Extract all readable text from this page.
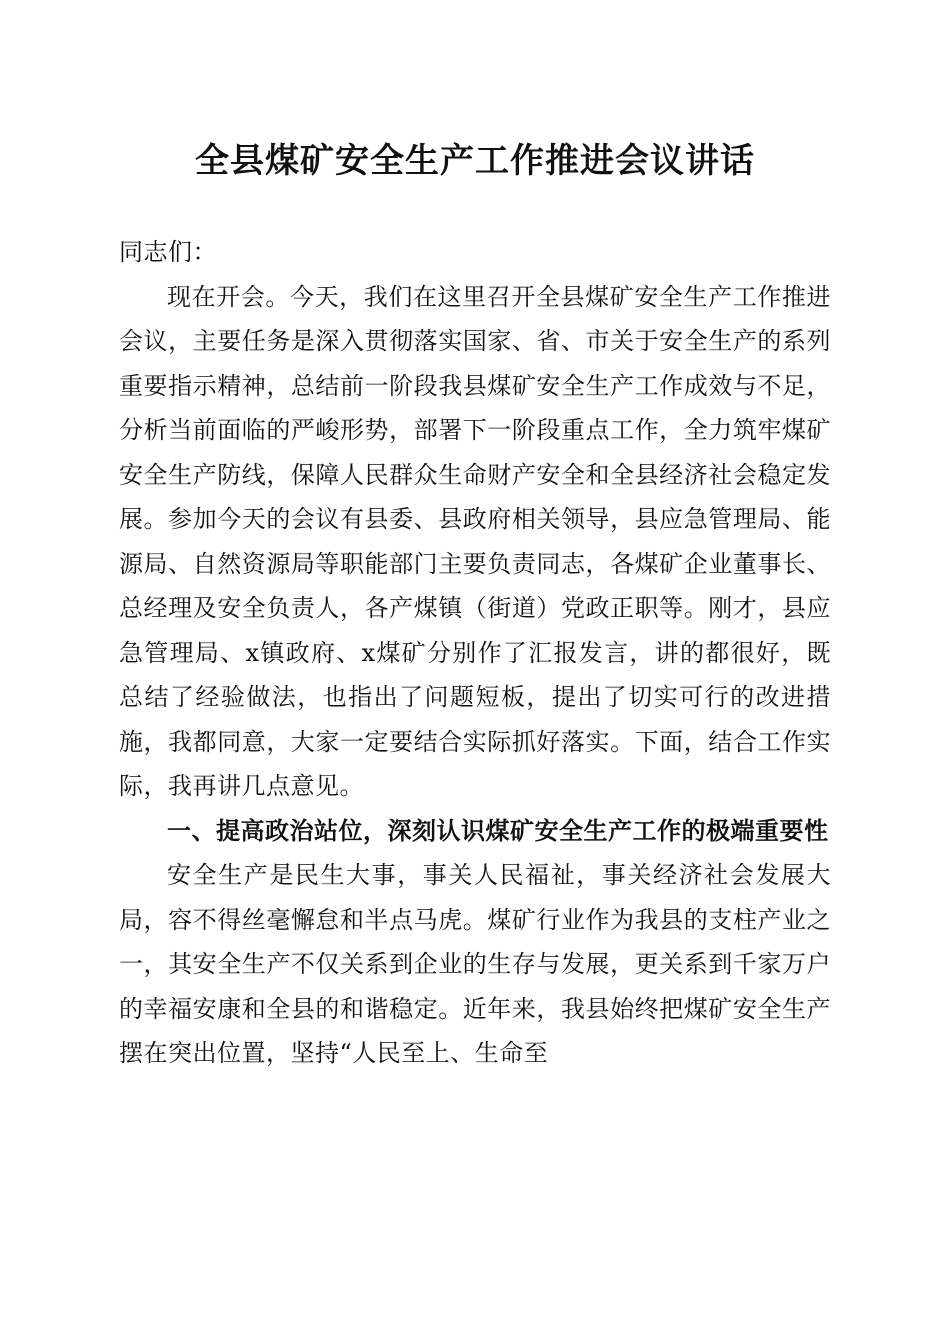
全县煤矿安全生产工作推进会议讲话

同志们：

现在开会。今天，我们在这里召开全县煤矿安全生产工作推进会议，主要任务是深入贯彻落实国家、省、市关于安全生产的系列重要指示精神，总结前一阶段我县煤矿安全生产工作成效与不足，分析当前面临的严峻形势，部署下一阶段重点工作，全力筑牢煤矿安全生产防线，保障人民群众生命财产安全和全县经济社会稳定发展。参加今天的会议有县委、县政府相关领导，县应急管理局、能源局、自然资源局等职能部门主要负责同志，各煤矿企业董事长、总经理及安全负责人，各产煤镇（街道）党政正职等。刚才，县应急管理局、x镇政府、x煤矿分别作了汇报发言，讲的都很好，既总结了经验做法，也指出了问题短板，提出了切实可行的改进措施，我都同意，大家一定要结合实际抓好落实。下面，结合工作实际，我再讲几点意见。

一、提高政治站位，深刻认识煤矿安全生产工作的极端重要性

安全生产是民生大事，事关人民福祉，事关经济社会发展大局，容不得丝毫懈怠和半点马虎。煤矿行业作为我县的支柱产业之一，其安全生产不仅关系到企业的生存与发展，更关系到千家万户的幸福安康和全县的和谐稳定。近年来，我县始终把煤矿安全生产摆在突出位置，坚持“人民至上、生命至
